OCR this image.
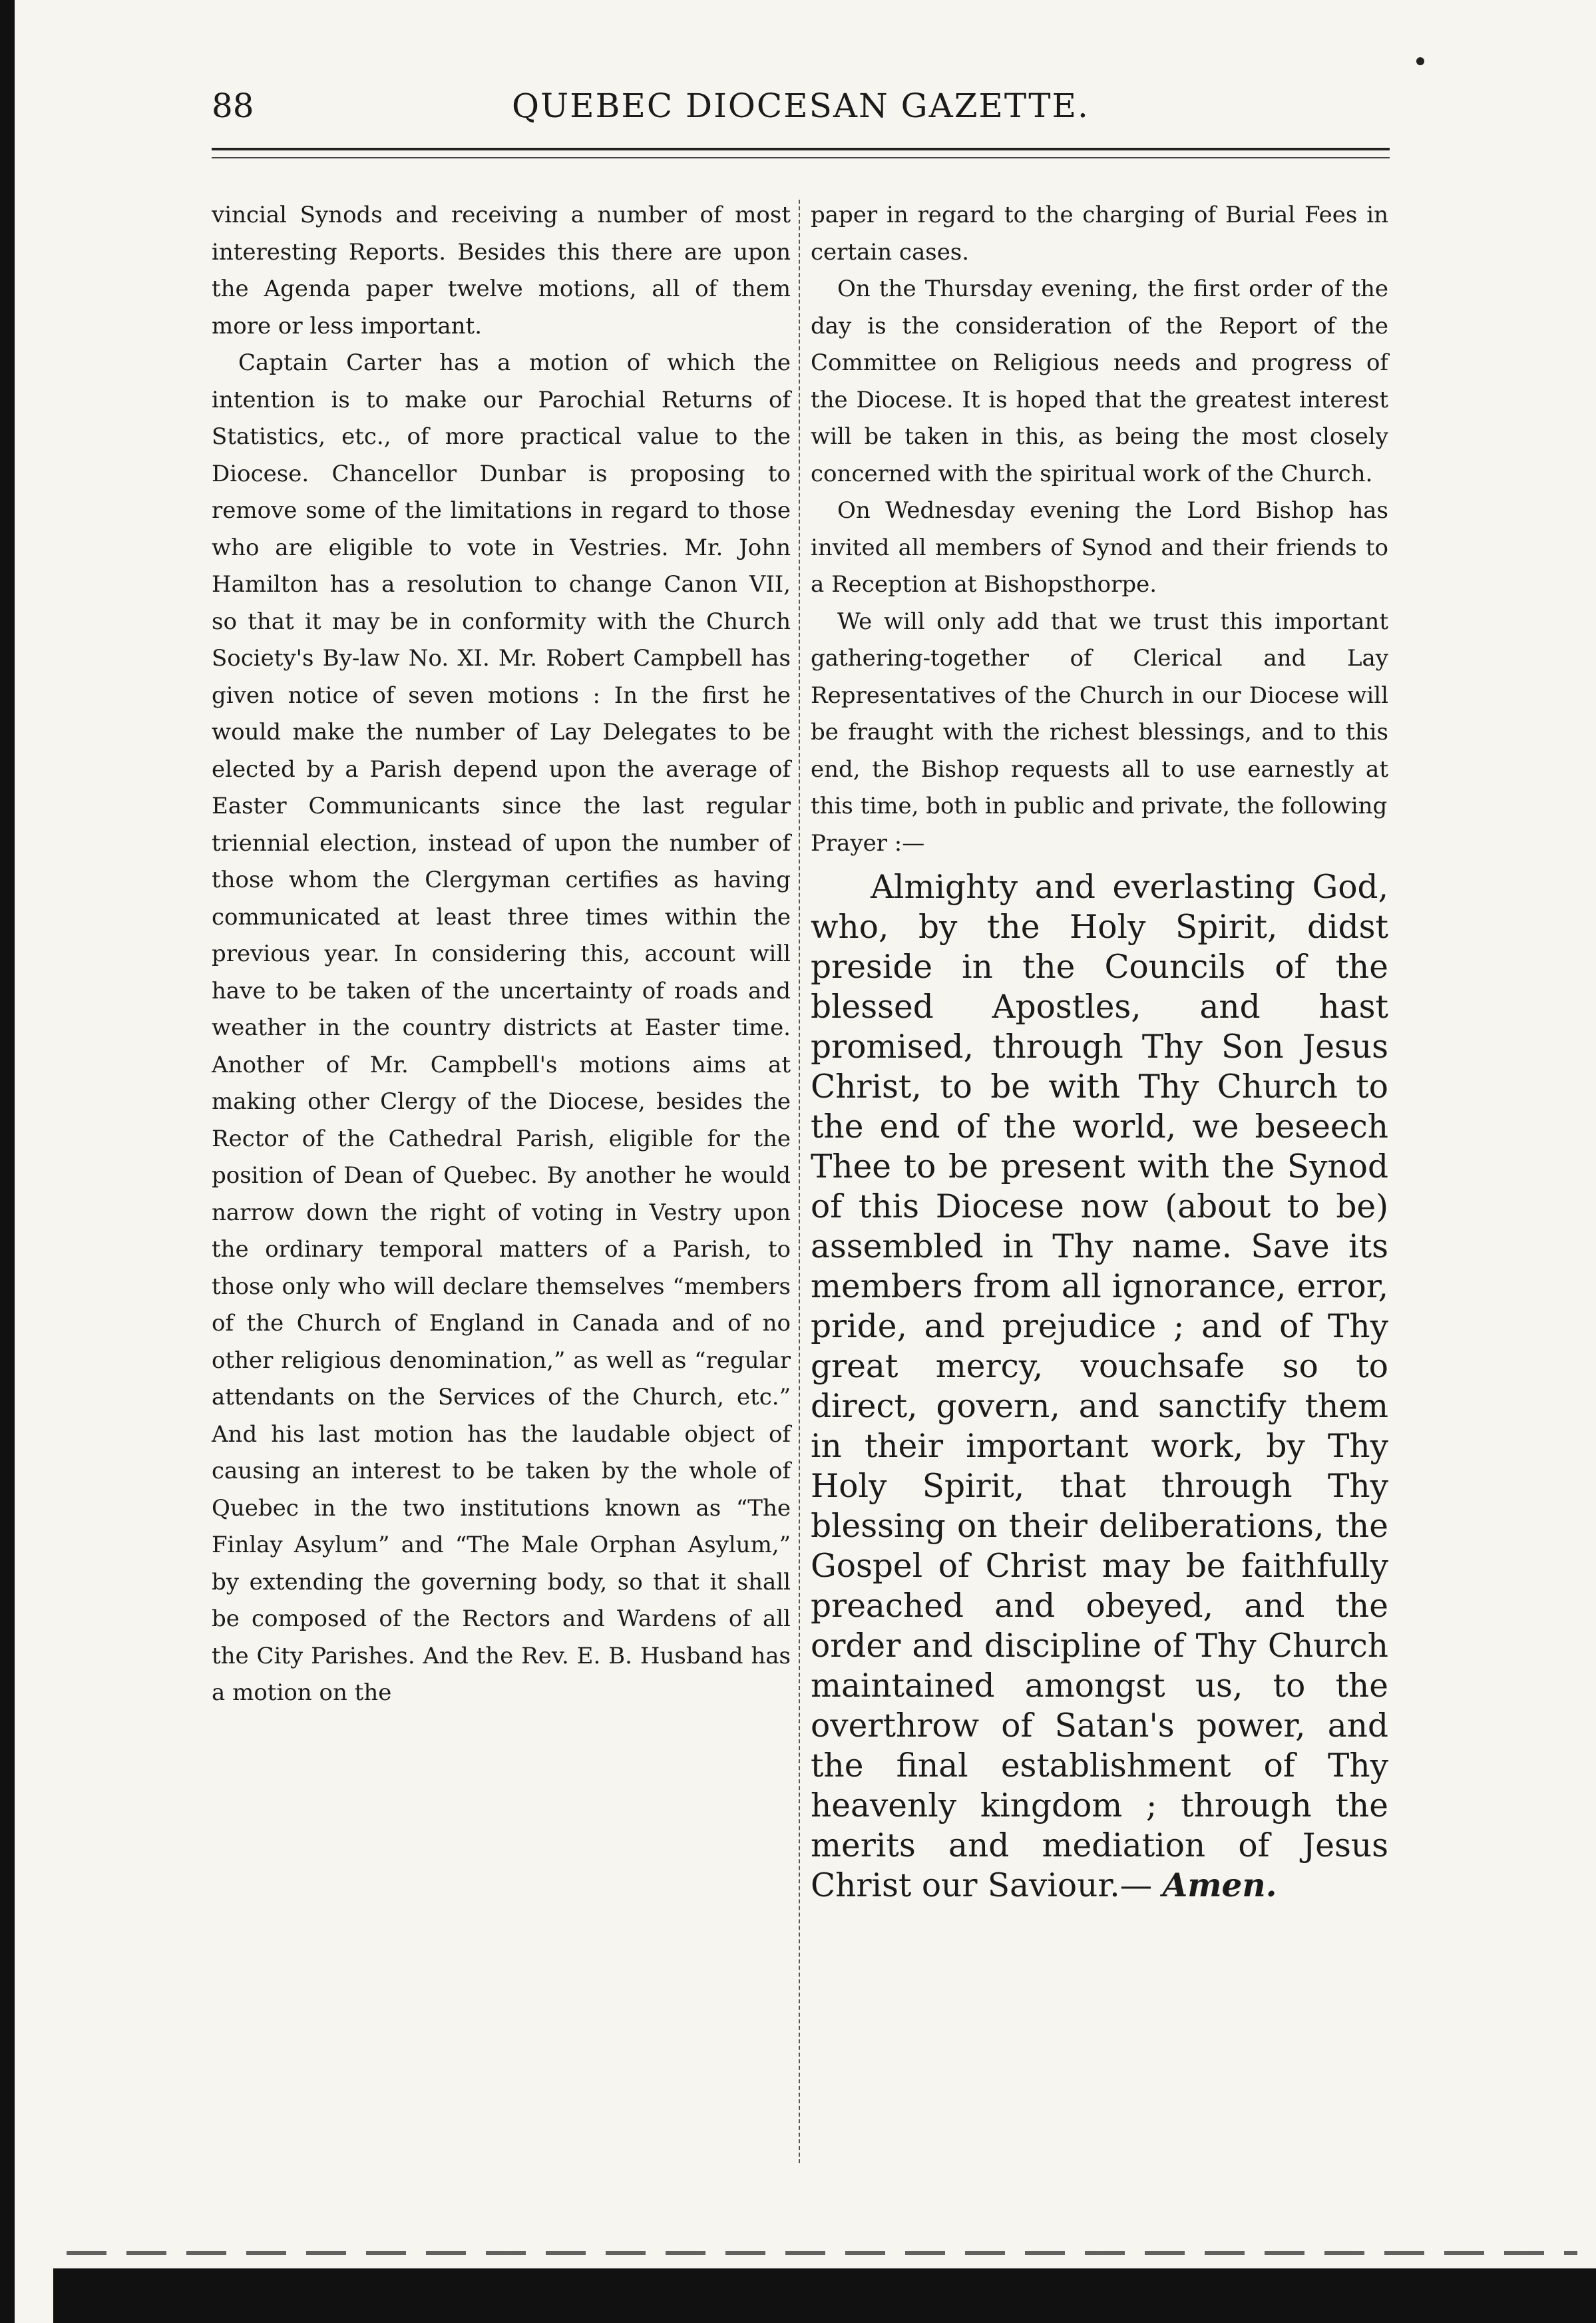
88	QUEBEC DIOCESAN GAZETTE.

vincial Synods and receiving a number of most interesting Reports. Besides this there are upon the Agenda paper twelve motions, all of them more or less important.

Captain Carter has a motion of which the intention is to make our Parochial Returns of Statistics, etc., of more practical value to the Diocese. Chancellor Dunbar is proposing to remove some of the limitations in regard to those who are eligible to vote in Vestries. Mr. John Hamilton has a resolution to change Canon VII, so that it may be in conformity with the Church Society's By-law No. XI. Mr. Robert Campbell has given notice of seven motions : In the first he would make the number of Lay Delegates to be elected by a Parish depend upon the average of Easter Communicants since the last regular triennial election, instead of upon the number of those whom the Clergyman certifies as having communicated at least three times within the previous year. In considering this, account will have to be taken of the uncertainty of roads and weather in the country districts at Easter time. Another of Mr. Campbell's motions aims at making other Clergy of the Diocese, besides the Rector of the Cathedral Parish, eligible for the position of Dean of Quebec. By another he would narrow down the right of voting in Vestry upon the ordinary temporal matters of a Parish, to those only who will declare themselves “members of the Church of England in Canada and of no other religious denomination,” as well as “regular attendants on the Services of the Church, etc.” And his last motion has the laudable object of causing an interest to be taken by the whole of Quebec in the two institutions known as “The Finlay Asylum” and “The Male Orphan Asylum,” by extending the governing body, so that it shall be composed of the Rectors and Wardens of all the City Parishes. And the Rev. E. B. Husband has a motion on the

paper in regard to the charging of Burial Fees in certain cases.

On the Thursday evening, the first order of the day is the consideration of the Report of the Committee on Religious needs and progress of the Diocese. It is hoped that the greatest interest will be taken in this, as being the most closely concerned with the spiritual work of the Church.

On Wednesday evening the Lord Bishop has invited all members of Synod and their friends to a Reception at Bishopsthorpe.

We will only add that we trust this important gathering-together of Clerical and Lay Representatives of the Church in our Diocese will be fraught with the richest blessings, and to this end, the Bishop requests all to use earnestly at this time, both in public and private, the following

Prayer :—

Almighty and everlasting God, who, by the Holy Spirit, didst preside in the Councils of the blessed Apostles, and hast promised, through Thy Son Jesus Christ, to be with Thy Church to the end of the world, we beseech Thee to be present with the Synod of this Diocese now (about to be) assembled in Thy name. Save its members from all ignorance, error, pride, and prejudice ; and of Thy great mercy, vouchsafe so to direct, govern, and sanctify them in their important work, by Thy Holy Spirit, that through Thy blessing on their deliberations, the Gospel of Christ may be faithfully preached and obeyed, and the order and discipline of Thy Church maintained amongst us, to the overthrow of Satan's power, and the final establishment of Thy heavenly kingdom ; through the merits and mediation of Jesus Christ our Saviour.— Amen.
